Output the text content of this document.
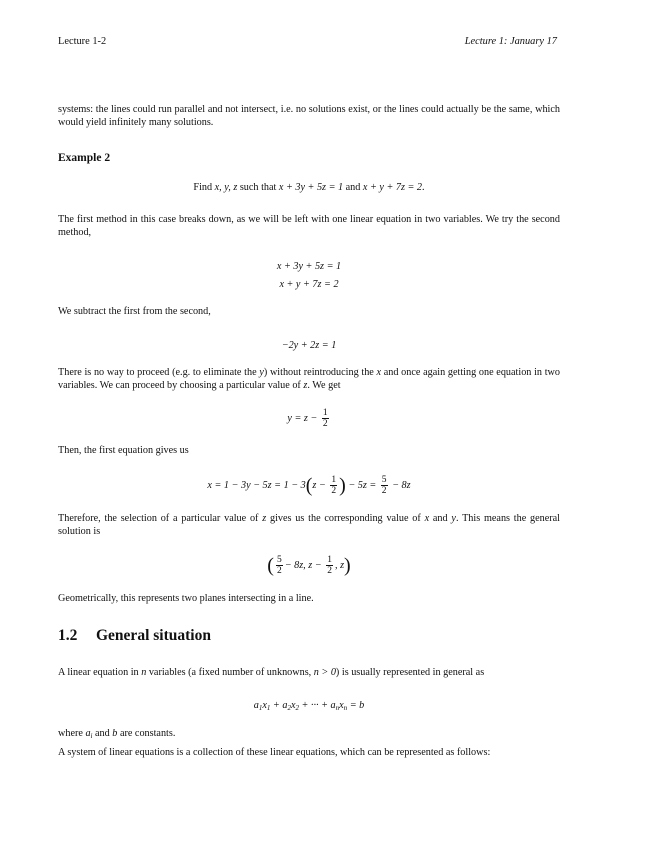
Lecture 1-2	Lecture 1: January 17
systems: the lines could run parallel and not intersect, i.e. no solutions exist, or the lines could actually be the same, which would yield infinitely many solutions.
Example 2
Find x, y, z such that x + 3y + 5z = 1 and x + y + 7z = 2.
The first method in this case breaks down, as we will be left with one linear equation in two variables. We try the second method,
x + 3y + 5z = 1
x + y + 7z = 2
We subtract the first from the second,
−2y + 2z = 1
There is no way to proceed (e.g. to eliminate the y) without reintroducing the x and once again getting one equation in two variables. We can proceed by choosing a particular value of z. We get
$y = z - \frac{1}{2}$
Then, the first equation gives us
$x = 1 - 3y - 5z = 1 - 3(z - \frac{1}{2}$ ) − $5z = \frac{5}{2} - 8z$
Therefore, the selection of a particular value of z gives us the corresponding value of x and y. This means the general solution is
( $\frac{5}{2} - 8z$, $z - \frac{1}{2}$ , z)
Geometrically, this represents two planes intersecting in a line.
1.2 General situation
A linear equation in n variables (a fixed number of unknowns, n > 0) is usually represented in general as
$a_1x_1 + a_2x_2$ + ··· + $a_nx_n = b$
where $a_i$ and b are constants.
A system of linear equations is a collection of these linear equations, which can be represented as follows:
